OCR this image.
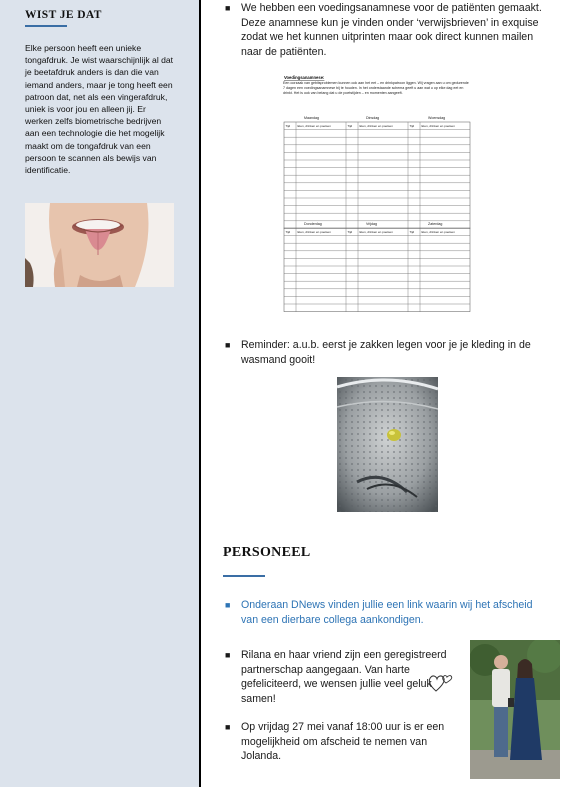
WIST JE DAT

Elke persoon heeft een unieke tongafdruk. Je wist waarschijnlijk al dat je beetafdruk anders is dan die van iemand anders, maar je tong heeft een patroon dat, net als een vingerafdruk, uniek is voor jou en alleen jij. Er werken zelfs biometrische bedrijven aan een technologie die het mogelijk maakt om de tongafdruk van een persoon te scannen als bewijs van identificatie.

■ We hebben een voedingsanamnese voor de patiënten gemaakt. Deze anamnese kun je vinden onder ‘verwijsbrieven’ in exquise zodat we het kunnen uitprinten maar ook direct kunnen mailen naar de patiënten.
Voedingsanamnese:
Een oorzaak van gebitsproblemen kunnen ook aan het eet – en drinkpatroon liggen. Wij vragen aan u om gedurende 7 dagen een voedingsanamnese bij te houden. In het onderstaande schema geeft u aan wat u op elke dag eet en drinkt. Het is ook van belang dat u de poetstijden – en momenten aangeeft.
Maandag	Dinsdag	Woensdag
Tijd Eten, drinken en poetsen	Tijd Eten, drinken en poetsen	Tijd Eten, drinken en poetsen
Donderdag	Vrijdag	Zaterdag
Tijd Eten, drinken en poetsen	Tijd Eten, drinken en poetsen	Tijd Eten, drinken en poetsen
■ Reminder: a.u.b. eerst je zakken legen voor je je kleding in de wasmand gooit!
PERSONEEL
■ Onderaan DNews vinden jullie een link waarin wij het afscheid van een dierbare collega aankondigen.
■ Rilana en haar vriend zijn een geregistreerd partnerschap aangegaan. Van harte gefeliciteerd, we wensen jullie veel geluk samen!
■ Op vrijdag 27 mei vanaf 18:00 uur is er een mogelijkheid om afscheid te nemen van Jolanda.
